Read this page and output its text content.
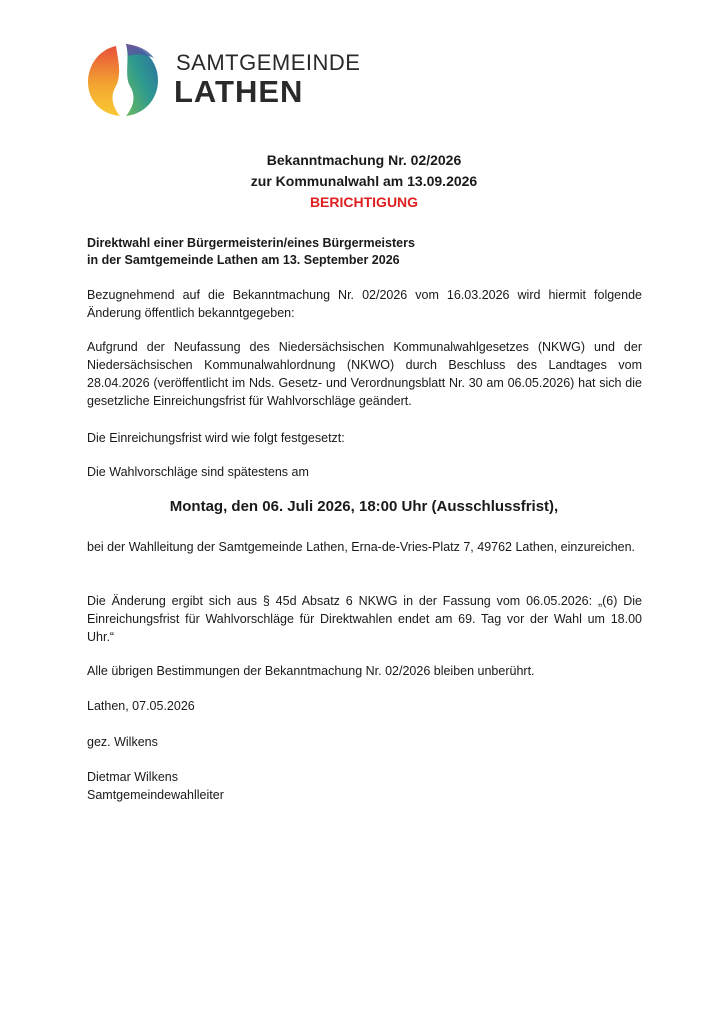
SAMTGEMEINDE
LATHEN
Bekanntmachung Nr. 02/2026
zur Kommunalwahl am 13.09.2026
BERICHTIGUNG
Direktwahl einer Bürgermeisterin/eines Bürgermeisters
in der Samtgemeinde Lathen am 13. September 2026
Bezugnehmend auf die Bekanntmachung Nr. 02/2026 vom 16.03.2026 wird hiermit folgende Änderung öffentlich bekanntgegeben:
Aufgrund der Neufassung des Niedersächsischen Kommunalwahlgesetzes (NKWG) und der Niedersächsischen Kommunalwahlordnung (NKWO) durch Beschluss des Landtages vom 28.04.2026 (veröffentlicht im Nds. Gesetz- und Verordnungsblatt Nr. 30 am 06.05.2026) hat sich die gesetzliche Einreichungsfrist für Wahlvorschläge geändert.
Die Einreichungsfrist wird wie folgt festgesetzt:
Die Wahlvorschläge sind spätestens am
Montag, den 06. Juli 2026, 18:00 Uhr (Ausschlussfrist),
bei der Wahlleitung der Samtgemeinde Lathen, Erna-de-Vries-Platz 7, 49762 Lathen, einzureichen.
Die Änderung ergibt sich aus § 45d Absatz 6 NKWG in der Fassung vom 06.05.2026: „(6) Die Einreichungsfrist für Wahlvorschläge für Direktwahlen endet am 69. Tag vor der Wahl um 18.00 Uhr.“
Alle übrigen Bestimmungen der Bekanntmachung Nr. 02/2026 bleiben unberührt.
Lathen, 07.05.2026
gez. Wilkens
Dietmar Wilkens
Samtgemeindewahlleiter
